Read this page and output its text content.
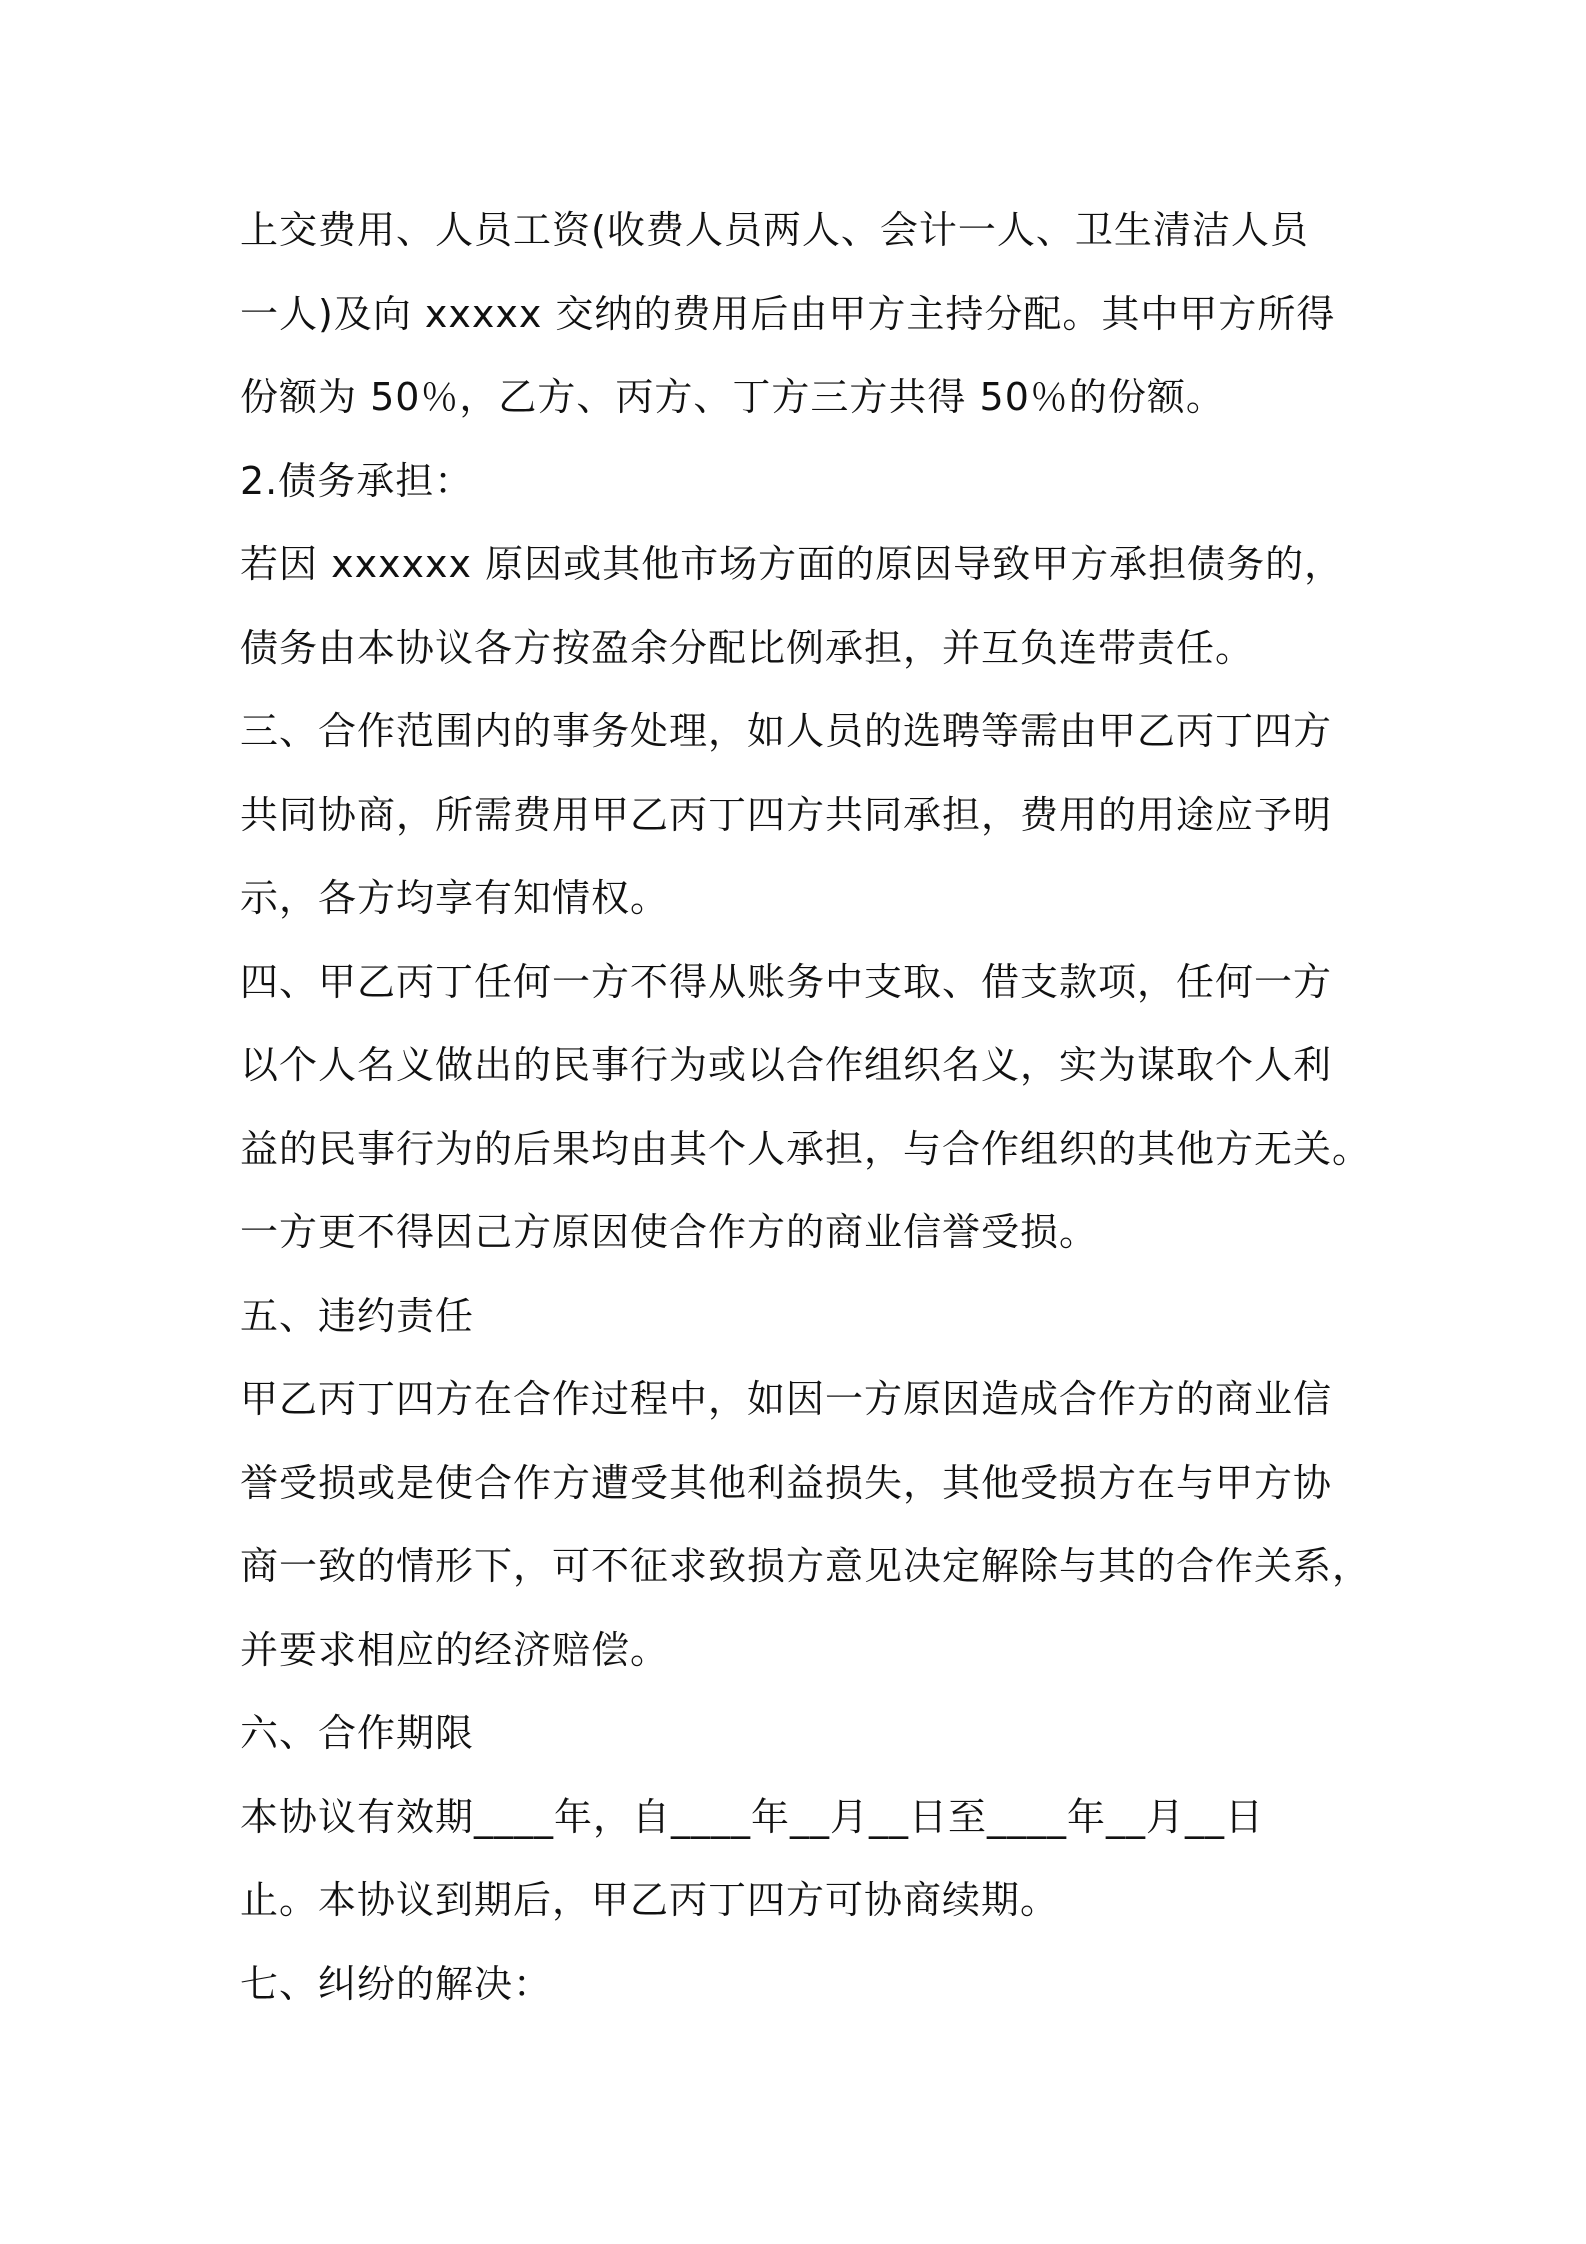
上交费用、人员工资(收费人员两人、会计一人、卫生清洁人员
一人)及向 xxxxx 交纳的费用后由甲方主持分配。其中甲方所得
份额为 50％，乙方、丙方、丁方三方共得 50％的份额。
2.债务承担：
若因 xxxxxx 原因或其他市场方面的原因导致甲方承担债务的，
债务由本协议各方按盈余分配比例承担，并互负连带责任。
三、合作范围内的事务处理，如人员的选聘等需由甲乙丙丁四方
共同协商，所需费用甲乙丙丁四方共同承担，费用的用途应予明
示，各方均享有知情权。
四、甲乙丙丁任何一方不得从账务中支取、借支款项，任何一方
以个人名义做出的民事行为或以合作组织名义，实为谋取个人利
益的民事行为的后果均由其个人承担，与合作组织的其他方无关。
一方更不得因己方原因使合作方的商业信誉受损。
五、违约责任
甲乙丙丁四方在合作过程中，如因一方原因造成合作方的商业信
誉受损或是使合作方遭受其他利益损失，其他受损方在与甲方协
商一致的情形下，可不征求致损方意见决定解除与其的合作关系，
并要求相应的经济赔偿。
六、合作期限
本协议有效期____年，自____年__月__日至____年__月__日
止。本协议到期后，甲乙丙丁四方可协商续期。
七、纠纷的解决：
